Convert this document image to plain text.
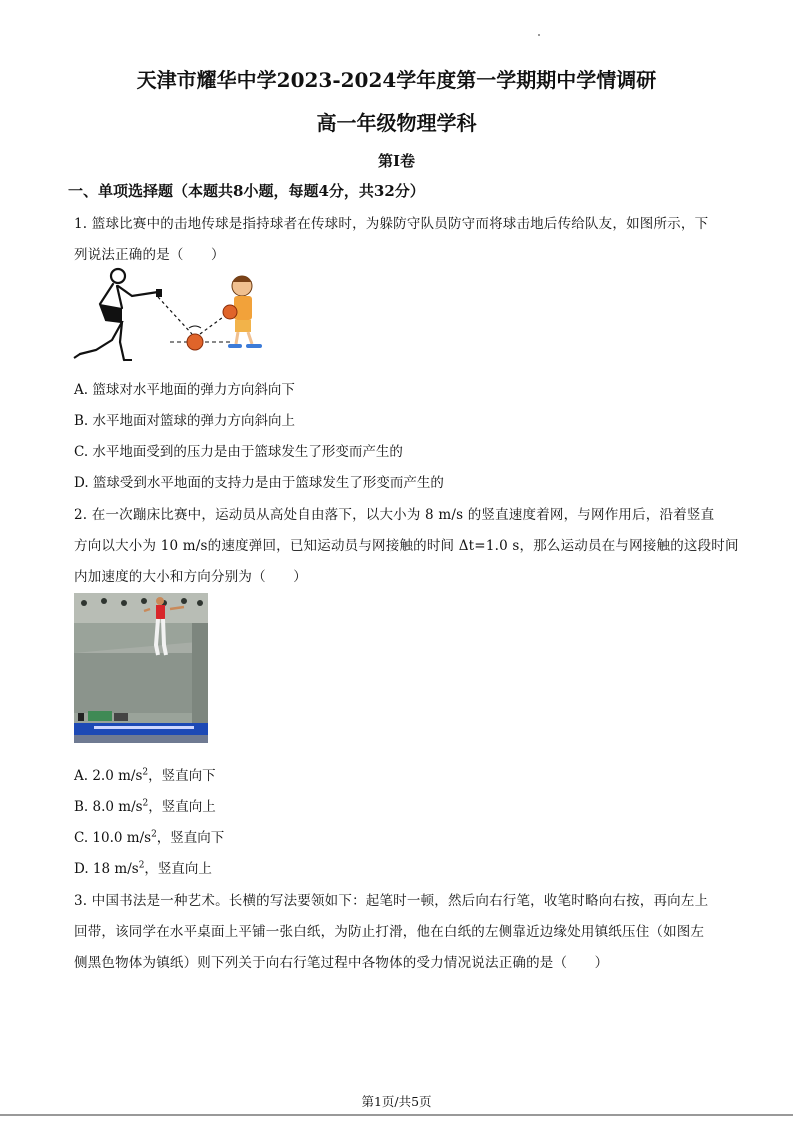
天津市耀华中学2023-2024学年度第一学期期中学情调研
高一年级物理学科
第I卷
一、单项选择题（本题共8小题，每题4分，共32分）
1. 篮球比赛中的击地传球是指持球者在传球时，为躲防守队员防守而将球击地后传给队友，如图所示，下
列说法正确的是（　　）
A. 篮球对水平地面的弹力方向斜向下
B. 水平地面对篮球的弹力方向斜向上
C. 水平地面受到的压力是由于篮球发生了形变而产生的
D. 篮球受到水平地面的支持力是由于篮球发生了形变而产生的
2. 在一次蹦床比赛中，运动员从高处自由落下，以大小为 8 m/s 的竖直速度着网，与网作用后，沿着竖直
方向以大小为 10 m/s的速度弹回，已知运动员与网接触的时间 Δt=1.0 s，那么运动员在与网接触的这段时间
内加速度的大小和方向分别为（　　）
A. 2.0 $m/s^2$，竖直向下
B. 8.0 $m/s^2$，竖直向上
C. 10.0 $m/s^2$，竖直向下
D. 18 $m/s^2$，竖直向上
3. 中国书法是一种艺术。长横的写法要领如下：起笔时一顿，然后向右行笔，收笔时略向右按，再向左上
回带，该同学在水平桌面上平铺一张白纸，为防止打滑，他在白纸的左侧靠近边缘处用镇纸压住（如图左
侧黑色物体为镇纸）则下列关于向右行笔过程中各物体的受力情况说法正确的是（　　）
第1页/共5页
